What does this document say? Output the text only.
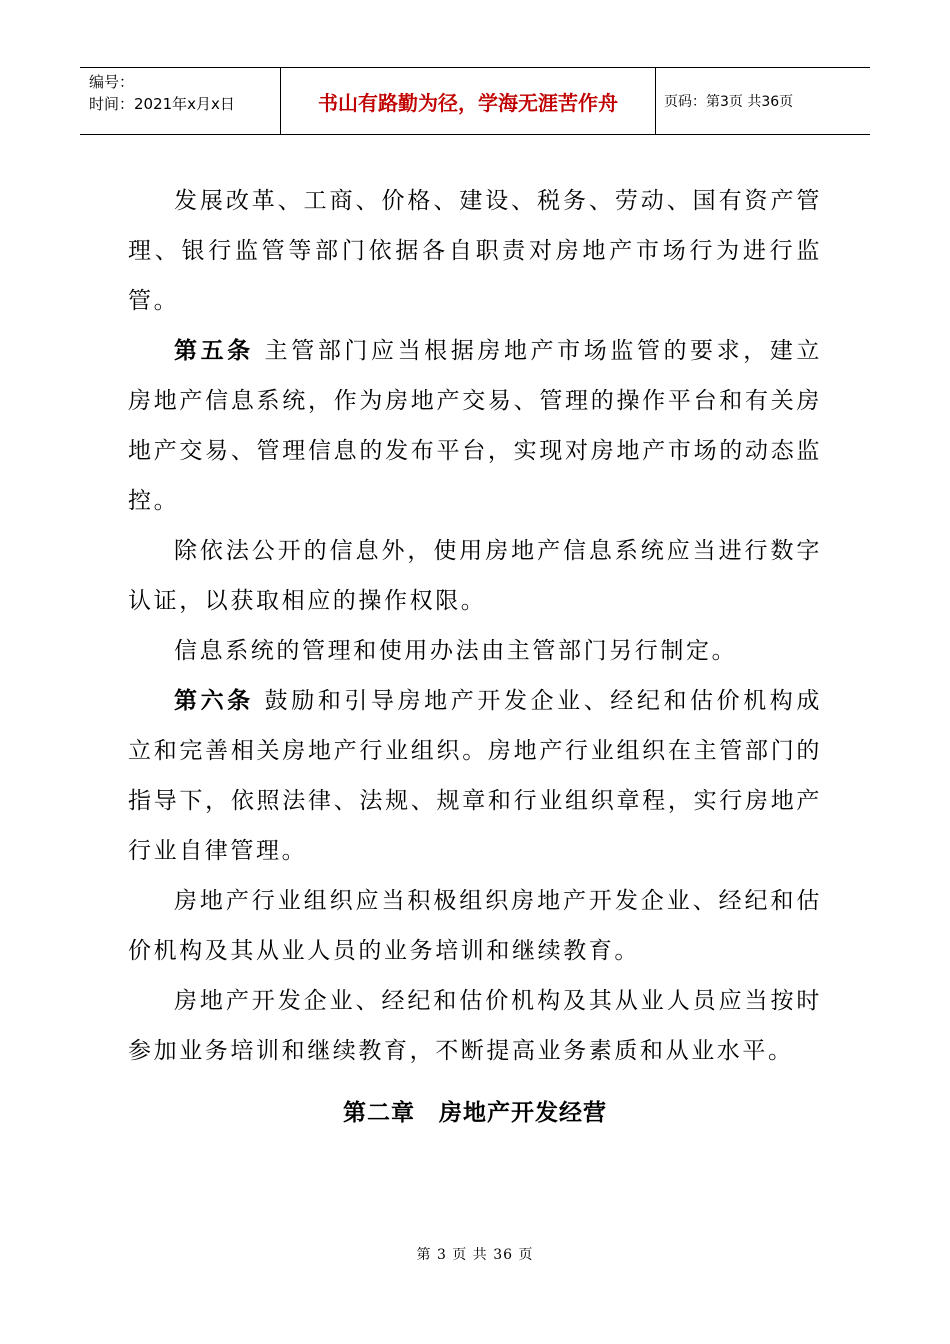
编号：
时间：2021年x月x日	书山有路勤为径，学海无涯苦作舟	页码：第3页 共36页

发展改革、工商、价格、建设、税务、劳动、国有资产管理、银行监管等部门依据各自职责对房地产市场行为进行监管。

第五条 主管部门应当根据房地产市场监管的要求，建立房地产信息系统，作为房地产交易、管理的操作平台和有关房地产交易、管理信息的发布平台，实现对房地产市场的动态监控。

除依法公开的信息外，使用房地产信息系统应当进行数字认证，以获取相应的操作权限。

信息系统的管理和使用办法由主管部门另行制定。

第六条 鼓励和引导房地产开发企业、经纪和估价机构成立和完善相关房地产行业组织。房地产行业组织在主管部门的指导下，依照法律、法规、规章和行业组织章程，实行房地产行业自律管理。

房地产行业组织应当积极组织房地产开发企业、经纪和估价机构及其从业人员的业务培训和继续教育。

房地产开发企业、经纪和估价机构及其从业人员应当按时参加业务培训和继续教育，不断提高业务素质和从业水平。

第二章　房地产开发经营

第 3 页 共 36 页
